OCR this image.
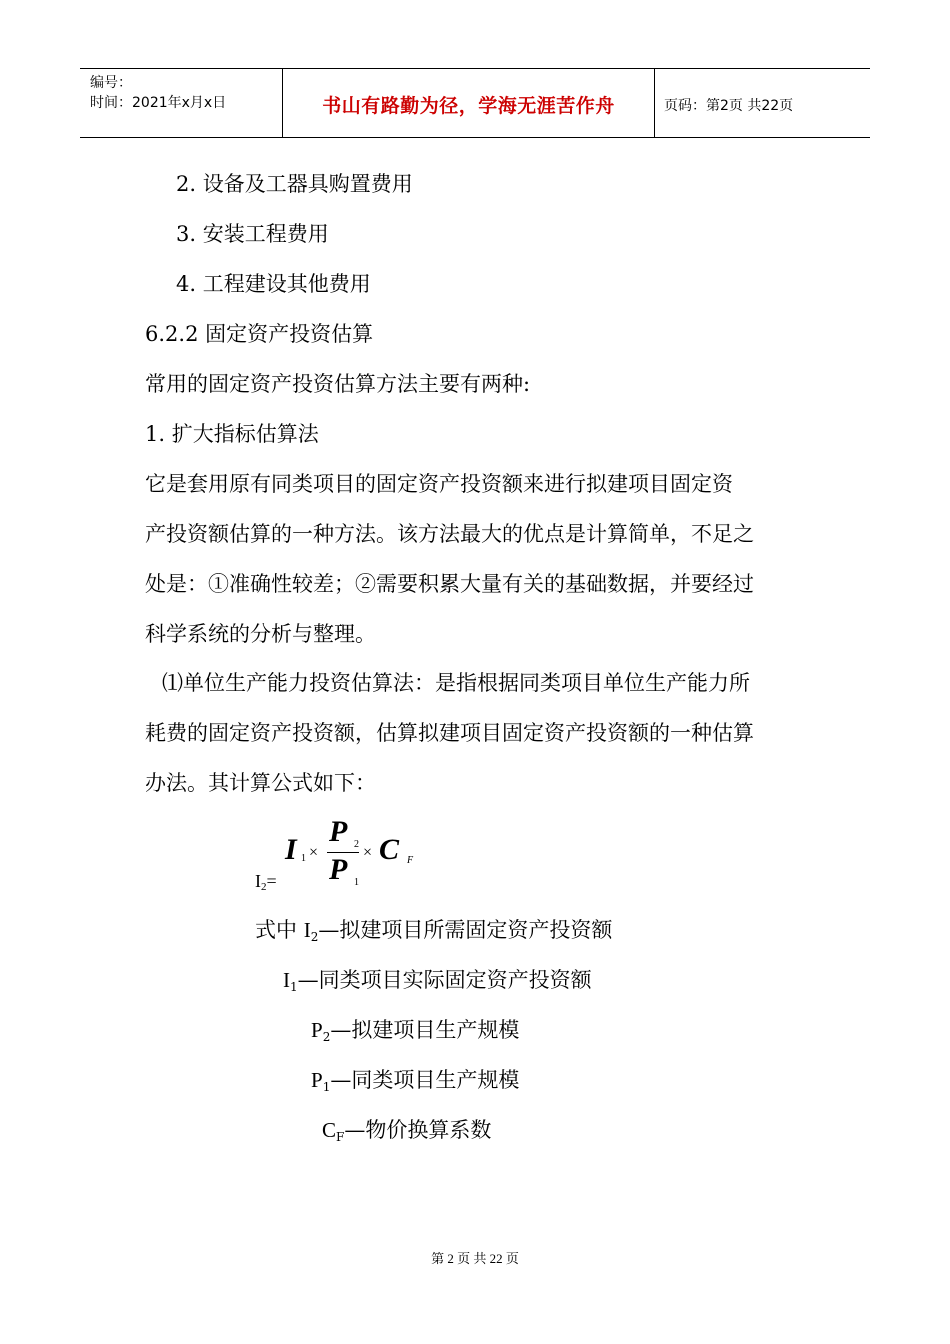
编号：
时间：2021年x月x日	书山有路勤为径，学海无涯苦作舟	页码：第2页 共22页
2. 设备及工器具购置费用
3. 安装工程费用
4. 工程建设其他费用
6.2.2 固定资产投资估算
常用的固定资产投资估算方法主要有两种:
1. 扩大指标估算法
它是套用原有同类项目的固定资产投资额来进行拟建项目固定资
产投资额估算的一种方法。该方法最大的优点是计算简单，不足之
处是：①准确性较差；②需要积累大量有关的基础数据，并要经过
科学系统的分析与整理。
⑴单位生产能力投资估算法：是指根据同类项目单位生产能力所
耗费的固定资产投资额，估算拟建项目固定资产投资额的一种估算
办法。其计算公式如下：
I2=
I 1 ×
P 2
P 1
× C F
式中 I2—拟建项目所需固定资产投资额
I1—同类项目实际固定资产投资额
P2—拟建项目生产规模
P1—同类项目生产规模
CF—物价换算系数
第 2 页 共 22 页
